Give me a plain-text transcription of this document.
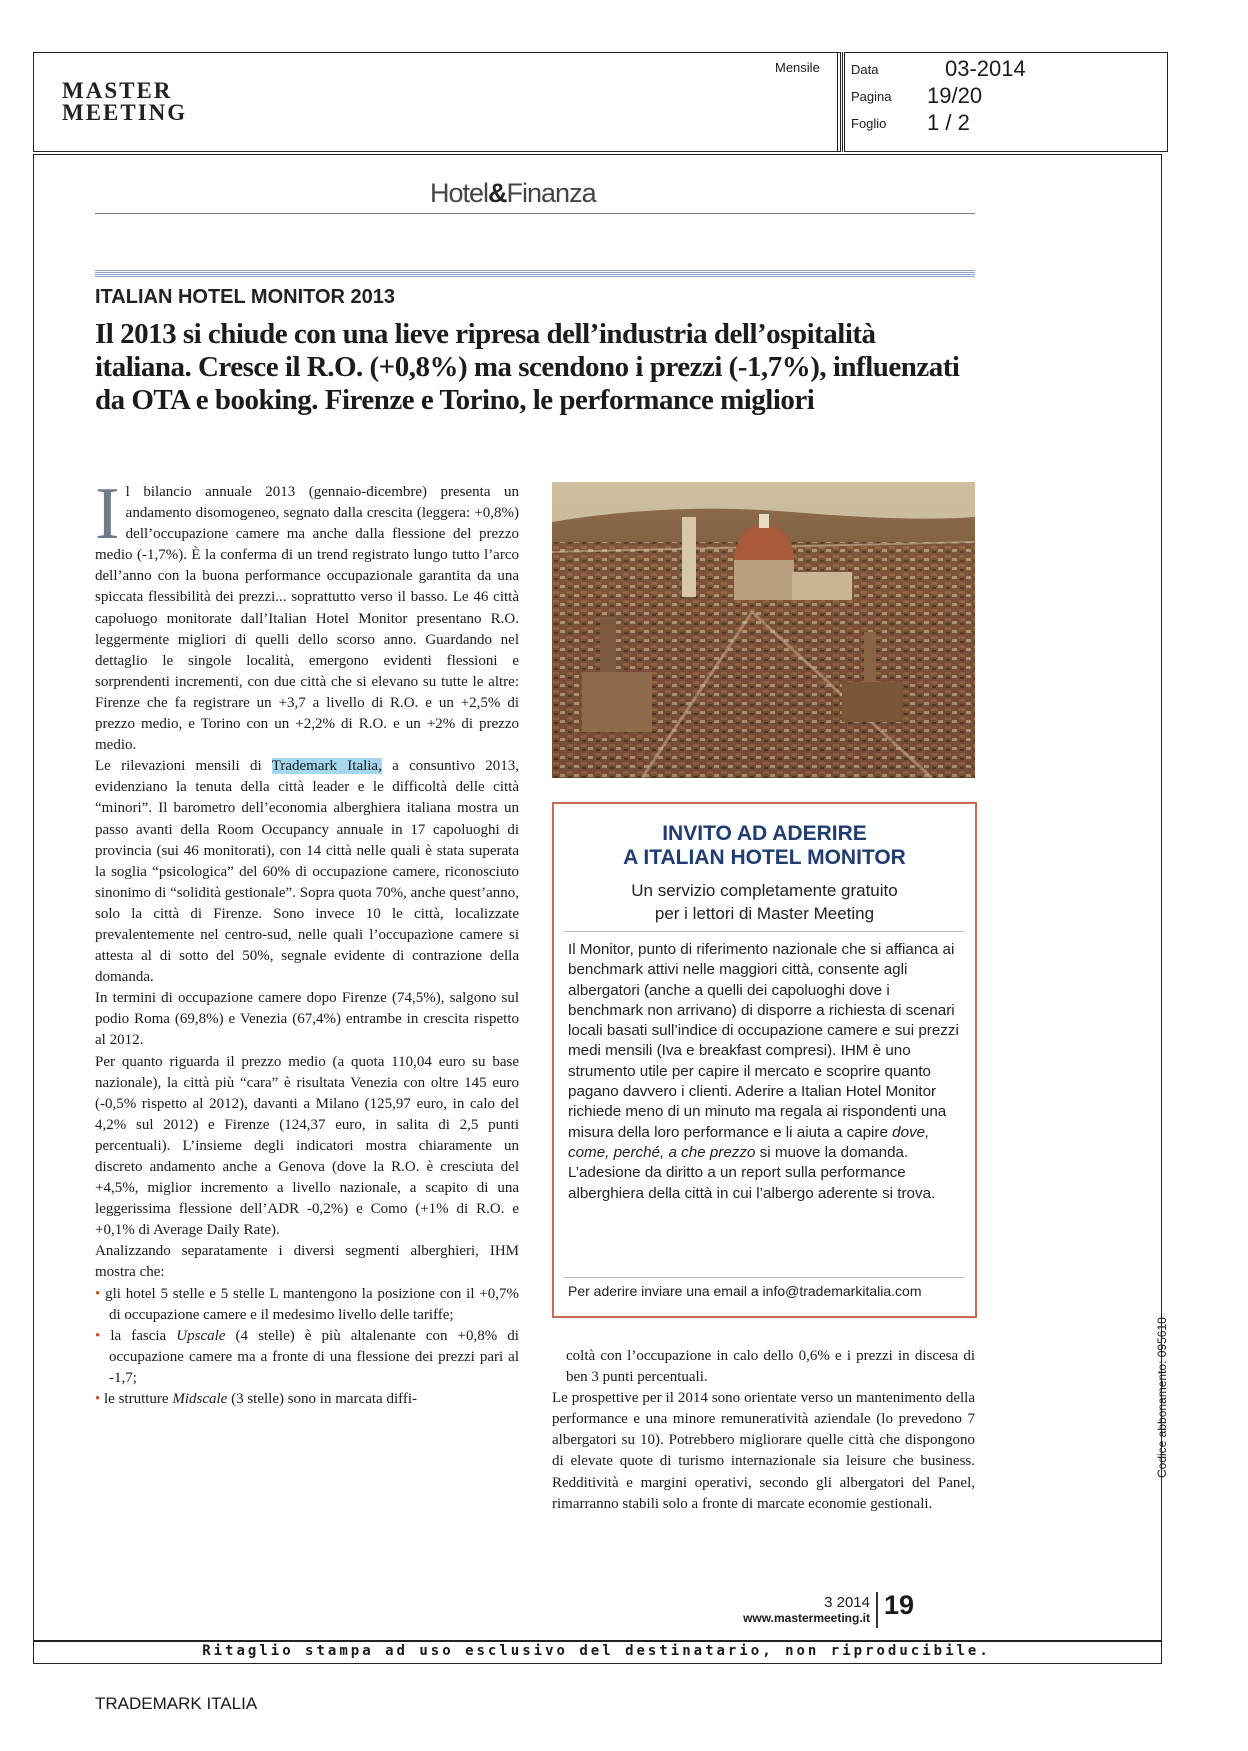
MASTER
MEETING
Mensile Data	03-2014
Pagina 19/20
Foglio 1 / 2
Hotel&Finanza
ITALIAN HOTEL MONITOR 2013
Il 2013 si chiude con una lieve ripresa dell’industria dell’ospitalità italiana. Cresce il R.O. (+0,8%) ma scendono i prezzi (-1,7%), influenzati da OTA e booking. Firenze e Torino, le performance migliori

Il bilancio annuale 2013 (gennaio-dicembre) presenta un andamento disomogeneo, segnato dalla crescita (leggera: +0,8%) dell’occupazione camere ma anche dalla flessione del prezzo medio (-1,7%). È la conferma di un trend registrato lungo tutto l’arco dell’anno con la buona performance occupazionale garantita da una spiccata flessibilità dei prezzi... soprattutto verso il basso. Le 46 città capoluogo monitorate dall’Italian Hotel Monitor presentano R.O. leggermente migliori di quelli dello scorso anno. Guardando nel dettaglio le singole località, emergono evidenti flessioni e sorprendenti incrementi, con due città che si elevano su tutte le altre: Firenze che fa registrare un +3,7 a livello di R.O. e un +2,5% di prezzo medio, e Torino con un +2,2% di R.O. e un +2% di prezzo medio.

Le rilevazioni mensili di Trademark Italia, a consuntivo 2013, evidenziano la tenuta della città leader e le difficoltà delle città “minori”. Il barometro dell’economia alberghiera italiana mostra un passo avanti della Room Occupancy annuale in 17 capoluoghi di provincia (sui 46 monitorati), con 14 città nelle quali è stata superata la soglia “psicologica” del 60% di occupazione camere, riconosciuto sinonimo di “solidità gestionale”. Sopra quota 70%, anche quest’anno, solo la città di Firenze. Sono invece 10 le città, localizzate prevalentemente nel centro-sud, nelle quali l’occupazione camere si attesta al di sotto del 50%, segnale evidente di contrazione della domanda.

In termini di occupazione camere dopo Firenze (74,5%), salgono sul podio Roma (69,8%) e Venezia (67,4%) entrambe in crescita rispetto al 2012.

Per quanto riguarda il prezzo medio (a quota 110,04 euro su base nazionale), la città più “cara” è risultata Venezia con oltre 145 euro (-0,5% rispetto al 2012), davanti a Milano (125,97 euro, in calo del 4,2% sul 2012) e Firenze (124,37 euro, in salita di 2,5 punti percentuali). L’insieme degli indicatori mostra chiaramente un discreto andamento anche a Genova (dove la R.O. è cresciuta del +4,5%, miglior incremento a livello nazionale, a scapito di una leggerissima flessione dell’ADR -0,2%) e Como (+1% di R.O. e +0,1% di Average Daily Rate).

Analizzando separatamente i diversi segmenti alberghieri, IHM mostra che:

• gli hotel 5 stelle e 5 stelle L mantengono la posizione con il +0,7% di occupazione camere e il medesimo livello delle tariffe;

• la fascia Upscale (4 stelle) è più altalenante con +0,8% di occupazione camere ma a fronte di una flessione dei prezzi pari al -1,7;

• le strutture Midscale (3 stelle) sono in marcata diffi-

INVITO AD ADERIRE
A ITALIAN HOTEL MONITOR
Un servizio completamente gratuito
per i lettori di Master Meeting
Il Monitor, punto di riferimento nazionale che si affianca ai benchmark attivi nelle maggiori città, consente agli albergatori (anche a quelli dei capoluoghi dove i benchmark non arrivano) di disporre a richiesta di scenari locali basati sull’indice di occupazione camere e sui prezzi medi mensili (Iva e breakfast compresi). IHM è uno strumento utile per capire il mercato e scoprire quanto pagano davvero i clienti. Aderire a Italian Hotel Monitor richiede meno di un minuto ma regala ai rispondenti una misura della loro performance e li aiuta a capire dove, come, perché, a che prezzo si muove la domanda.
L’adesione da diritto a un report sulla performance alberghiera della città in cui l’albergo aderente si trova.
Per aderire inviare una email a info@trademarkitalia.com

coltà con l’occupazione in calo dello 0,6% e i prezzi in discesa di ben 3 punti percentuali.

Le prospettive per il 2014 sono orientate verso un mantenimento della performance e una minore remuneratività aziendale (lo prevedono 7 albergatori su 10). Potrebbero migliorare quelle città che dispongono di elevate quote di turismo internazionale sia leisure che business. Redditività e margini operativi, secondo gli albergatori del Panel, rimarranno stabili solo a fronte di marcate economie gestionali.

3 2014
www.mastermeeting.it 19
Ritaglio stampa ad uso esclusivo del destinatario, non riproducibile.
Codice abbonamento: 095610
TRADEMARK ITALIA
